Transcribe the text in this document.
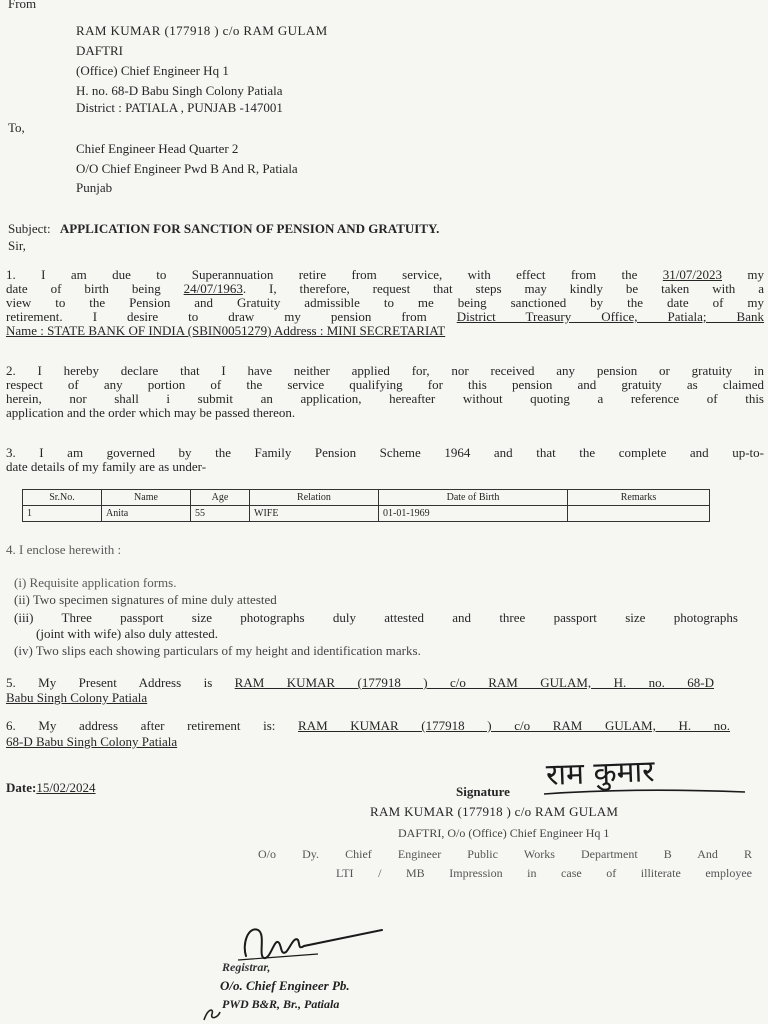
From
RAM KUMAR (177918 ) c/o RAM GULAM
DAFTRI
(Office) Chief Engineer Hq 1
H. no. 68-D Babu Singh Colony Patiala
District : PATIALA , PUNJAB -147001
To,
Chief Engineer Head Quarter 2
O/O Chief Engineer Pwd B And R, Patiala
Punjab
Subject: APPLICATION FOR SANCTION OF PENSION AND GRATUITY.
Sir,
1. I am due to Superannuation retire from service, with effect from the 31/07/2023 my
date of birth being 24/07/1963. I, therefore, request that steps may kindly be taken with a
view to the Pension and Gratuity admissible to me being sanctioned by the date of my
retirement. I desire to draw my pension from District Treasury Office, Patiala; Bank
Name : STATE BANK OF INDIA (SBIN0051279) Address : MINI SECRETARIAT
2. I hereby declare that I have neither applied for, nor received any pension or gratuity in
respect of any portion of the service qualifying for this pension and gratuity as claimed
herein, nor shall i submit an application, hereafter without quoting a reference of this
application and the order which may be passed thereon.
3. I am governed by the Family Pension Scheme 1964 and that the complete and up-to-
date details of my family are as under-
Sr.No.	Name	Age	Relation	Date of Birth	Remarks
1	Anita	55	WIFE	01-01-1969	
4. I enclose herewith :
(i) Requisite application forms.
(ii) Two specimen signatures of mine duly attested
(iii) Three passport size photographs duly attested and three passport size photographs
(joint with wife) also duly attested.
(iv) Two slips each showing particulars of my height and identification marks.
5. My Present Address is RAM KUMAR (177918 ) c/o RAM GULAM, H. no. 68-D
Babu Singh Colony Patiala
6. My address after retirement is: RAM KUMAR (177918 ) c/o RAM GULAM, H. no.
68-D Babu Singh Colony Patiala
Date:15/02/2024	Signature राम कुमार
RAM KUMAR (177918 ) c/o RAM GULAM
DAFTRI, O/o (Office) Chief Engineer Hq 1
O/o Dy. Chief Engineer Public Works Department B And R
LTI / MB Impression in case of illiterate employee
Registrar,
O/o. Chief Engineer Pb.
PWD B&R, Br., Patiala
